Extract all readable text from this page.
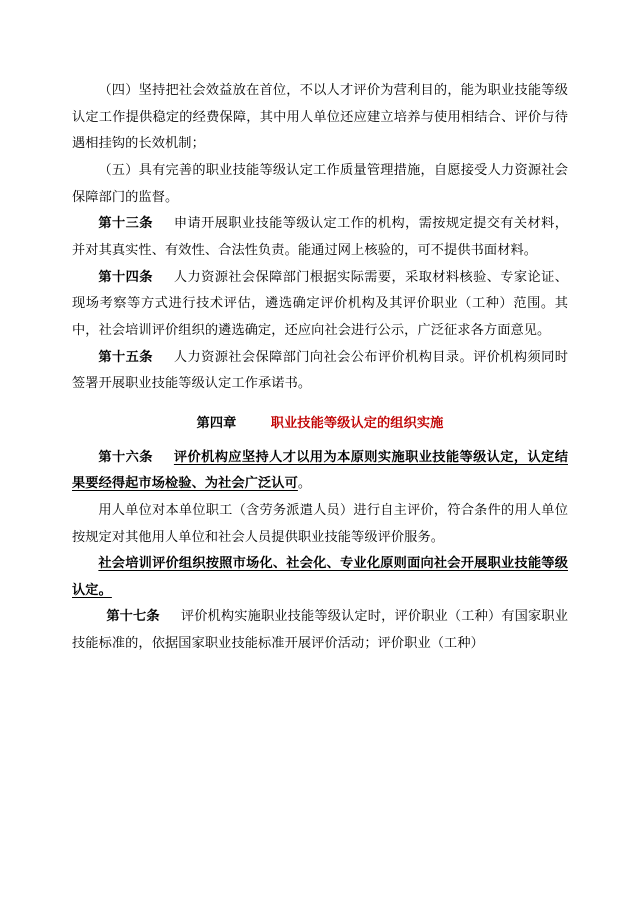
（四）坚持把社会效益放在首位，不以人才评价为营利目的，能为职业技能等级认定工作提供稳定的经费保障，其中用人单位还应建立培养与使用相结合、评价与待遇相挂钩的长效机制；

（五）具有完善的职业技能等级认定工作质量管理措施，自愿接受人力资源社会保障部门的监督。

第十三条 申请开展职业技能等级认定工作的机构，需按规定提交有关材料，并对其真实性、有效性、合法性负责。能通过网上核验的，可不提供书面材料。

第十四条 人力资源社会保障部门根据实际需要，采取材料核验、专家论证、现场考察等方式进行技术评估，遴选确定评价机构及其评价职业（工种）范围。其中，社会培训评价组织的遴选确定，还应向社会进行公示，广泛征求各方面意见。

第十五条 人力资源社会保障部门向社会公布评价机构目录。评价机构须同时签署开展职业技能等级认定工作承诺书。

第四章	职业技能等级认定的组织实施

第十六条 评价机构应坚持人才以用为本原则实施职业技能等级认定，认定结果要经得起市场检验、为社会广泛认可。

用人单位对本单位职工（含劳务派遣人员）进行自主评价，符合条件的用人单位按规定对其他用人单位和社会人员提供职业技能等级评价服务。

社会培训评价组织按照市场化、社会化、专业化原则面向社会开展职业技能等级认定。

第十七条 评价机构实施职业技能等级认定时，评价职业（工种）有国家职业技能标准的，依据国家职业技能标准开展评价活动；评价职业（工种）
